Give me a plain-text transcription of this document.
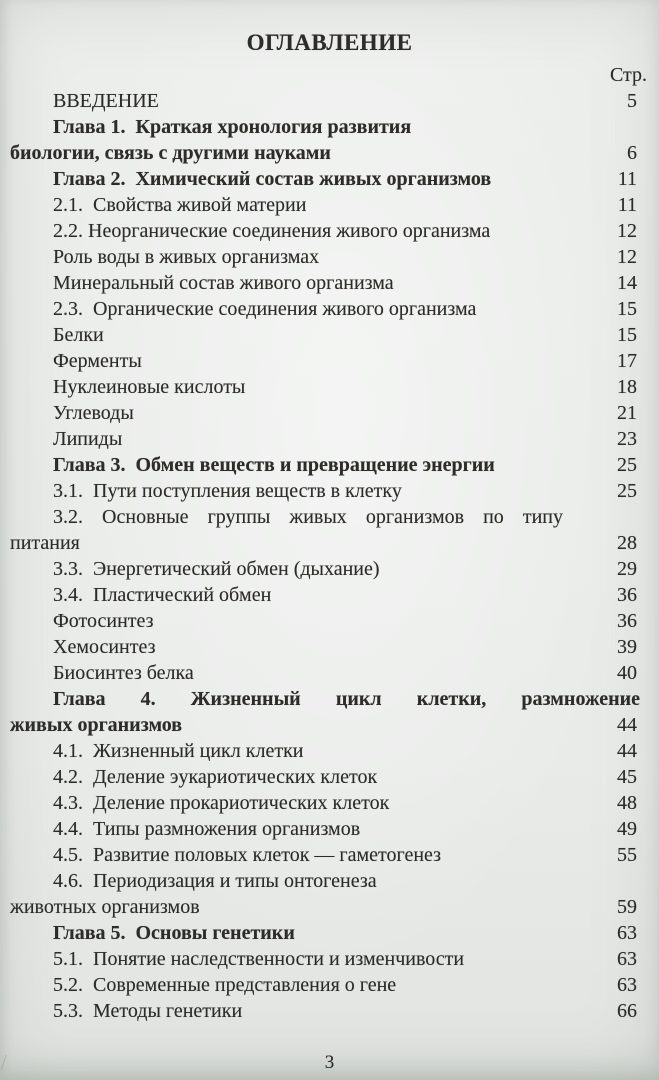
ОГЛАВЛЕНИЕ
Стр.
ВВЕДЕНИЕ	5
Глава 1.  Краткая хронология развития
биологии, связь с другими науками	6
Глава 2.  Химический состав живых организмов	11
2.1.  Свойства живой материи	11
2.2. Неорганические соединения живого организма	12
Роль воды в живых организмах	12
Минеральный состав живого организма	14
2.3.  Органические соединения живого организма	15
Белки	15
Ферменты	17
Нуклеиновые кислоты	18
Углеводы	21
Липиды	23
Глава 3.  Обмен веществ и превращение энергии	25
3.1.  Пути поступления веществ в клетку	25
3.2. Основные группы живых организмов по типу
питания	28
3.3.  Энергетический обмен (дыхание)	29
3.4.  Пластический обмен	36
Фотосинтез	36
Хемосинтез	39
Биосинтез белка	40
Глава 4. Жизненный цикл клетки, размножение
живых организмов	44
4.1.  Жизненный цикл клетки	44
4.2.  Деление эукариотических клеток	45
4.3.  Деление прокариотических клеток	48
4.4.  Типы размножения организмов	49
4.5.  Развитие половых клеток — гаметогенез	55
4.6.  Периодизация и типы онтогенеза
животных организмов	59
Глава 5.  Основы генетики	63
5.1.  Понятие наследственности и изменчивости	63
5.2.  Современные представления о гене	63
5.3.  Методы генетики	66
3
